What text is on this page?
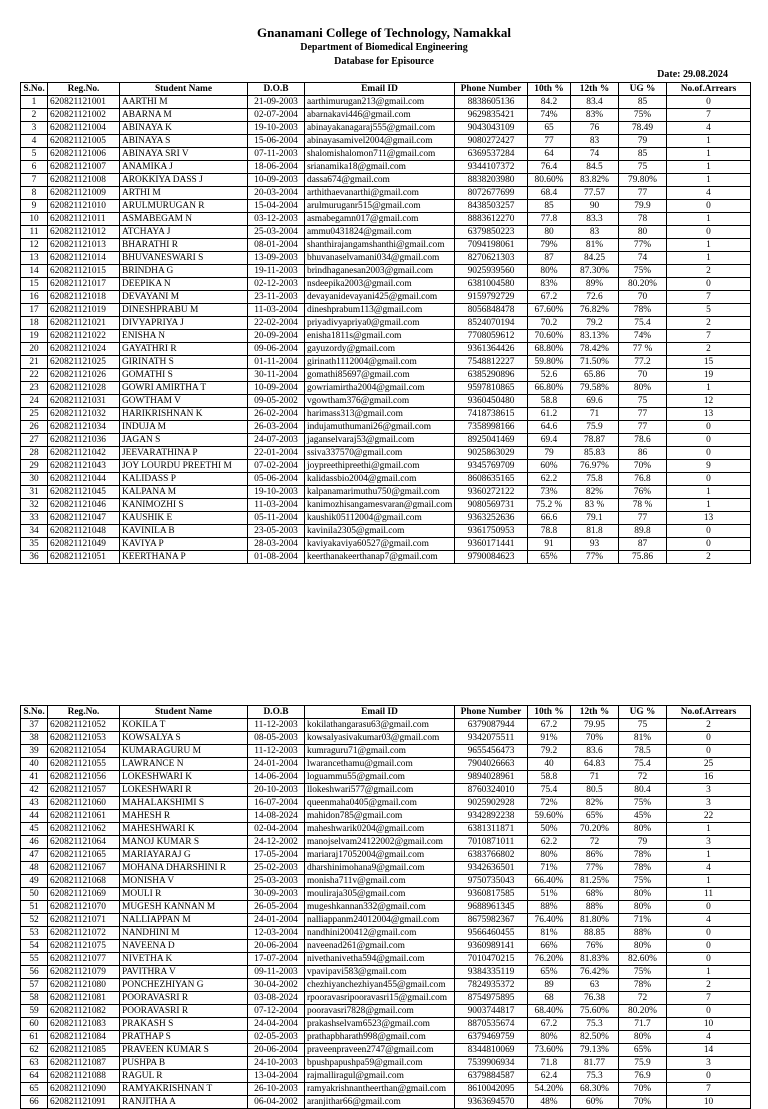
Gnanamani College of Technology, Namakkal
Department of Biomedical Engineering
Database for Episource
Date: 29.08.2024
S.No.	Reg.No.	Student Name	D.O.B	Email ID	Phone Number	10th %	12th %	UG %	No.of.Arrears
1	620821121001	AARTHI M	21-09-2003	aarthimurugan213@gmail.com	8838605136	84.2	83.4	85	0
2	620821121002	ABARNA M	02-07-2004	abarnakavi446@gmail.com	9629835421	74%	83%	75%	7
3	620821121004	ABINAYA K	19-10-2003	abinayakanagaraj555@gmail.com	9043043109	65	76	78.49	4
4	620821121005	ABINAYA S	15-06-2004	abinayasamivel2004@gmail.com	9080272427	77	83	79	1
5	620821121006	ABINAYA SRI V	07-11-2003	shalomishalomon711@gmail.com	6369537284	64	74	85	1
6	620821121007	ANAMIKA J	18-06-2004	srianamika18@gmail.com	9344107372	76.4	84.5	75	1
7	620821121008	AROKKIYA DASS J	10-09-2003	dassa674@gmail.com	8838203980	80.60%	83.82%	79.80%	1
8	620821121009	ARTHI M	20-03-2004	arthithaevanarthi@gmail.com	8072677699	68.4	77.57	77	4
9	620821121010	ARULMURUGAN R	15-04-2004	arulmuruganr515@gmail.com	8438503257	85	90	79.9	0
10	620821121011	ASMABEGAM N	03-12-2003	asmabegamn017@gmail.com	8883612270	77.8	83.3	78	1
11	620821121012	ATCHAYA J	25-03-2004	ammu0431824@gmail.com	6379850223	80	83	80	0
12	620821121013	BHARATHI R	08-01-2004	shanthirajangamshanthi@gmail.com	7094198061	79%	81%	77%	1
13	620821121014	BHUVANESWARI S	13-09-2003	bhuvanaselvamani034@gmail.com	8270621303	87	84.25	74	1
14	620821121015	BRINDHA G	19-11-2003	brindhaganesan2003@gmail.com	9025939560	80%	87.30%	75%	2
15	620821121017	DEEPIKA N	02-12-2003	nsdeepika2003@gmail.com	6381004580	83%	89%	80.20%	0
16	620821121018	DEVAYANI M	23-11-2003	devayanidevayani425@gmail.com	9159792729	67.2	72.6	70	7
17	620821121019	DINESHPRABU M	11-03-2004	dineshprabum113@gmail.com	8056848478	67.60%	76.82%	78%	5
18	620821121021	DIVYAPRIYA J	22-02-2004	priyadivyapriya0@gmail.com	8524070194	70.2	79.2	75.4	2
19	620821121022	ENISHA N	20-09-2004	enisha1811s@gmail.com	7708059612	70.60%	83.13%	74%	7
20	620821121024	GAYATHRI R	09-06-2004	gayuzordy@gmail.com	9361364426	68.80%	78.42%	77 %	2
21	620821121025	GIRINATH S	01-11-2004	girinath1112004@gmail.com	7548812227	59.80%	71.50%	77.2	15
22	620821121026	GOMATHI S	30-11-2004	gomathi85697@gmail.com	6385290896	52.6	65.86	70	19
23	620821121028	GOWRI AMIRTHA T	10-09-2004	gowriamirtha2004@gmail.com	9597810865	66.80%	79.58%	80%	1
24	620821121031	GOWTHAM V	09-05-2002	vgowtham376@gmail.com	9360450480	58.8	69.6	75	12
25	620821121032	HARIKRISHNAN K	26-02-2004	harimass313@gmail.com	7418738615	61.2	71	77	13
26	620821121034	INDUJA M	26-03-2004	indujamuthumani26@gmail.com	7358998166	64.6	75.9	77	0
27	620821121036	JAGAN S	24-07-2003	jaganselvaraj53@gmail.com	8925041469	69.4	78.87	78.6	0
28	620821121042	JEEVARATHINA P	22-01-2004	ssiva337570@gmail.com	9025863029	79	85.83	86	0
29	620821121043	JOY LOURDU PREETHI M	07-02-2004	joypreethipreethi@gmail.com	9345769709	60%	76.97%	70%	9
30	620821121044	KALIDASS P	05-06-2004	kalidassbio2004@gmail.com	8608635165	62.2	75.8	76.8	0
31	620821121045	KALPANA M	19-10-2003	kalpanamarimuthu750@gmail.com	9360272122	73%	82%	76%	1
32	620821121046	KANIMOZHI S	11-03-2004	kanimozhisangamesvaran@gmail.com	9080569731	75.2 %	83 %	78 %	1
33	620821121047	KAUSHIK E	05-11-2004	kaushik05112004@gmail.com	9363252636	66.6	79.1	77	13
34	620821121048	KAVINILA B	23-05-2003	kavinila2305@gmail.com	9361750953	78.8	81.8	89.8	0
35	620821121049	KAVIYA P	28-03-2004	kaviyakaviya60527@gmail.com	9360171441	91	93	87	0
36	620821121051	KEERTHANA P	01-08-2004	keerthanakeerthanap7@gmail.com	9790084623	65%	77%	75.86	2
S.No.	Reg.No.	Student Name	D.O.B	Email ID	Phone Number	10th %	12th %	UG %	No.of.Arrears
37	620821121052	KOKILA T	11-12-2003	kokilathangarasu63@gmail.com	6379087944	67.2	79.95	75	2
38	620821121053	KOWSALYA S	08-05-2003	kowsalyasivakumar03@gmail.com	9342075511	91%	70%	81%	0
39	620821121054	KUMARAGURU M	11-12-2003	kumraguru71@gmail.com	9655456473	79.2	83.6	78.5	0
40	620821121055	LAWRANCE N	24-01-2004	lwarancethamu@gmail.com	7904026663	40	64.83	75.4	25
41	620821121056	LOKESHWARI K	14-06-2004	loguammu55@gmail.com	9894028961	58.8	71	72	16
42	620821121057	LOKESHWARI R	20-10-2003	llokeshwari577@gmail.com	8760324010	75.4	80.5	80.4	3
43	620821121060	MAHALAKSHIMI S	16-07-2004	queenmaha0405@gmail.com	9025902928	72%	82%	75%	3
44	620821121061	MAHESH R	14-08-2024	mahidon785@gmail.com	9342892238	59.60%	65%	45%	22
45	620821121062	MAHESHWARI K	02-04-2004	maheshwarik0204@gmail.com	6381311871	50%	70.20%	80%	1
46	620821121064	MANOJ KUMAR S	24-12-2002	manojselvam24122002@gmail.com	7010871011	62.2	72	79	3
47	620821121065	MARIAYARAJ G	17-05-2004	mariaraj17052004@gmail.com	6383766802	80%	86%	78%	1
48	620821121067	MOHANA DHARSHINI R	25-02-2003	dharshinimohana9@gmail.com	9342636501	71%	77%	78%	4
49	620821121068	MONISHA V	25-03-2003	monisha711v@gmail.com	9750735043	66.40%	81.25%	75%	1
50	620821121069	MOULI R	30-09-2003	mouliraja305@gmail.com	9360817585	51%	68%	80%	11
51	620821121070	MUGESH KANNAN M	26-05-2004	mugeshkannan332@gmail.com	9688961345	88%	88%	80%	0
52	620821121071	NALLIAPPAN M	24-01-2004	nalliappanm24012004@gmail.com	8675982367	76.40%	81.80%	71%	4
53	620821121072	NANDHINI M	12-03-2004	nandhini200412@gmail.com	9566460455	81%	88.85	88%	0
54	620821121075	NAVEENA D	20-06-2004	naveenad261@gmail.com	9360989141	66%	76%	80%	0
55	620821121077	NIVETHA K	17-07-2004	nivethanivetha594@gmail.com	7010470215	76.20%	81.83%	82.60%	0
56	620821121079	PAVITHRA V	09-11-2003	vpavipavi583@gmail.com	9384335119	65%	76.42%	75%	1
57	620821121080	PONCHEZHIYAN G	30-04-2002	chezhiyanchezhiyan455@gmail.com	7824935372	89	63	78%	2
58	620821121081	POORAVASRI R	03-08-2024	rpooravasripooravasri15@gmail.com	8754975895	68	76.38	72	7
59	620821121082	POORAVASRI R	07-12-2004	pooravasri7828@gmail.com	9003744817	68.40%	75.60%	80.20%	0
60	620821121083	PRAKASH S	24-04-2004	prakashselvam6523@gmail.com	8870535674	67.2	75.3	71.7	10
61	620821121084	PRATHAP S	02-05-2003	prathapbharath998@gmail.com	6379469759	80%	82.50%	80%	4
62	620821121085	PRAVEEN KUMAR S	20-06-2004	praveenpraveen2747@gmail.com	8344810069	73.60%	79.13%	65%	14
63	620821121087	PUSHPA B	24-10-2003	bpushpapushpa59@gmail.com	7539906934	71.8	81.77	75.9	3
64	620821121088	RAGUL R	13-04-2004	rajmalliragul@gmail.com	6379884587	62.4	75.3	76.9	0
65	620821121090	RAMYAKRISHNAN T	26-10-2003	ramyakrishnantheerthan@gmail.com	8610042095	54.20%	68.30%	70%	7
66	620821121091	RANJITHA A	06-04-2002	aranjithar66@gmail.com	9363694570	48%	60%	70%	10
